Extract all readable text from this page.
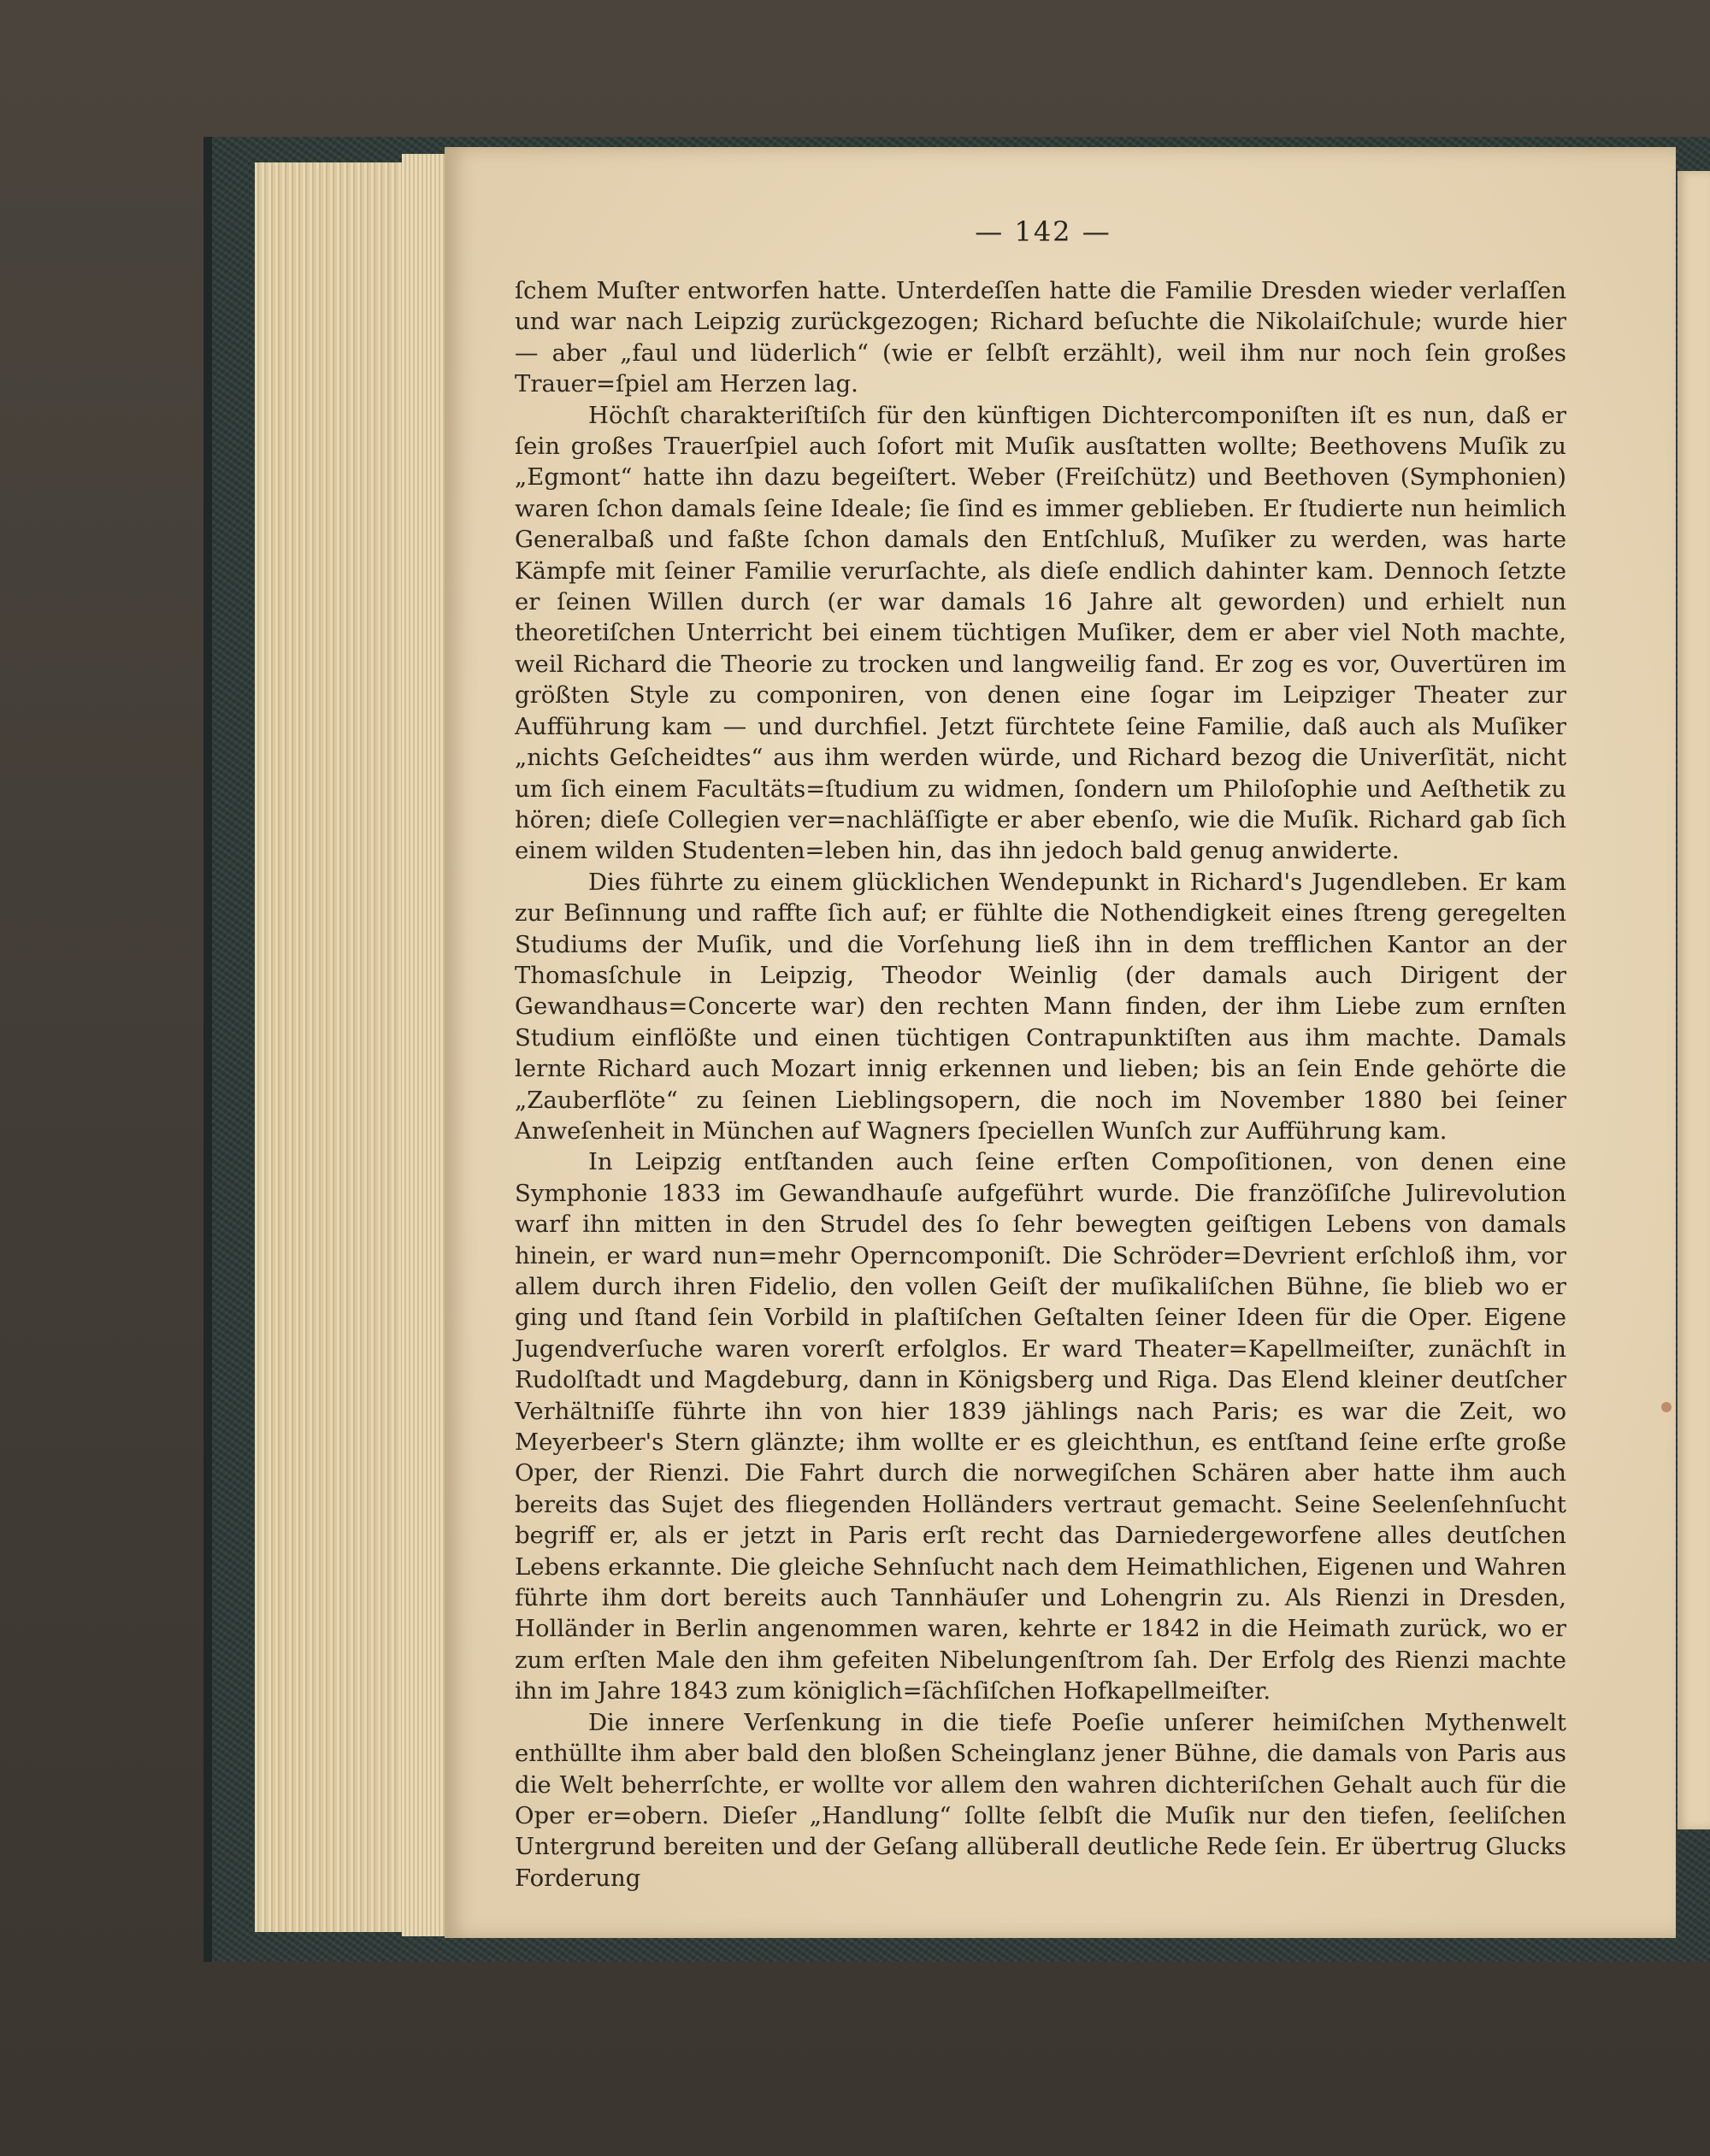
— 142 —

ſchem Muſter entworfen hatte. Unterdeſſen hatte die Familie Dresden wieder verlaſſen und war nach Leipzig zurückgezogen; Richard beſuchte die Nikolaiſchule; wurde hier — aber „faul und lüderlich“ (wie er ſelbſt erzählt), weil ihm nur noch ſein großes Trauer=ſpiel am Herzen lag.

Höchſt charakteriſtiſch für den künftigen Dichtercomponiſten iſt es nun, daß er ſein großes Trauerſpiel auch ſofort mit Muſik ausſtatten wollte; Beethovens Muſik zu „Egmont“ hatte ihn dazu begeiſtert. Weber (Freiſchütz) und Beethoven (Symphonien) waren ſchon damals ſeine Ideale; ſie ſind es immer geblieben. Er ſtudierte nun heimlich Generalbaß und faßte ſchon damals den Entſchluß, Muſiker zu werden, was harte Kämpfe mit ſeiner Familie verurſachte, als dieſe endlich dahinter kam. Dennoch ſetzte er ſeinen Willen durch (er war damals 16 Jahre alt geworden) und erhielt nun theoretiſchen Unterricht bei einem tüchtigen Muſiker, dem er aber viel Noth machte, weil Richard die Theorie zu trocken und langweilig fand. Er zog es vor, Ouvertüren im größten Style zu componiren, von denen eine ſogar im Leipziger Theater zur Aufführung kam — und durchfiel. Jetzt fürchtete ſeine Familie, daß auch als Muſiker „nichts Geſcheidtes“ aus ihm werden würde, und Richard bezog die Univerſität, nicht um ſich einem Facultäts=ſtudium zu widmen, ſondern um Philoſophie und Aeſthetik zu hören; dieſe Collegien ver=nachläſſigte er aber ebenſo, wie die Muſik. Richard gab ſich einem wilden Studenten=leben hin, das ihn jedoch bald genug anwiderte.

Dies führte zu einem glücklichen Wendepunkt in Richard's Jugendleben. Er kam zur Beſinnung und raffte ſich auf; er fühlte die Nothendigkeit eines ſtreng geregelten Studiums der Muſik, und die Vorſehung ließ ihn in dem trefflichen Kantor an der Thomasſchule in Leipzig, Theodor Weinlig (der damals auch Dirigent der Gewandhaus=Concerte war) den rechten Mann finden, der ihm Liebe zum ernſten Studium einflößte und einen tüchtigen Contrapunktiſten aus ihm machte. Damals lernte Richard auch Mozart innig erkennen und lieben; bis an ſein Ende gehörte die „Zauberflöte“ zu ſeinen Lieblingsopern, die noch im November 1880 bei ſeiner Anweſenheit in München auf Wagners ſpeciellen Wunſch zur Aufführung kam.

In Leipzig entſtanden auch ſeine erſten Compoſitionen, von denen eine Symphonie 1833 im Gewandhauſe aufgeführt wurde. Die franzöſiſche Julirevolution warf ihn mitten in den Strudel des ſo ſehr bewegten geiſtigen Lebens von damals hinein, er ward nun=mehr Operncomponiſt. Die Schröder=Devrient erſchloß ihm, vor allem durch ihren Fidelio, den vollen Geiſt der muſikaliſchen Bühne, ſie blieb wo er ging und ſtand ſein Vorbild in plaſtiſchen Geſtalten ſeiner Ideen für die Oper. Eigene Jugendverſuche waren vorerſt erfolglos. Er ward Theater=Kapellmeiſter, zunächſt in Rudolſtadt und Magdeburg, dann in Königsberg und Riga. Das Elend kleiner deutſcher Verhältniſſe führte ihn von hier 1839 jählings nach Paris; es war die Zeit, wo Meyerbeer's Stern glänzte; ihm wollte er es gleichthun, es entſtand ſeine erſte große Oper, der Rienzi. Die Fahrt durch die norwegiſchen Schären aber hatte ihm auch bereits das Sujet des fliegenden Holländers vertraut gemacht. Seine Seelenſehnſucht begriff er, als er jetzt in Paris erſt recht das Darniedergeworfene alles deutſchen Lebens erkannte. Die gleiche Sehnſucht nach dem Heimathlichen, Eigenen und Wahren führte ihm dort bereits auch Tannhäuſer und Lohengrin zu. Als Rienzi in Dresden, Holländer in Berlin angenommen waren, kehrte er 1842 in die Heimath zurück, wo er zum erſten Male den ihm gefeiten Nibelungenſtrom ſah. Der Erfolg des Rienzi machte ihn im Jahre 1843 zum königlich=ſächſiſchen Hofkapellmeiſter.

Die innere Verſenkung in die tiefe Poeſie unſerer heimiſchen Mythenwelt enthüllte ihm aber bald den bloßen Scheinglanz jener Bühne, die damals von Paris aus die Welt beherrſchte, er wollte vor allem den wahren dichteriſchen Gehalt auch für die Oper er=obern. Dieſer „Handlung“ ſollte ſelbſt die Muſik nur den tiefen, ſeeliſchen Untergrund bereiten und der Geſang allüberall deutliche Rede ſein. Er übertrug Glucks Forderung
